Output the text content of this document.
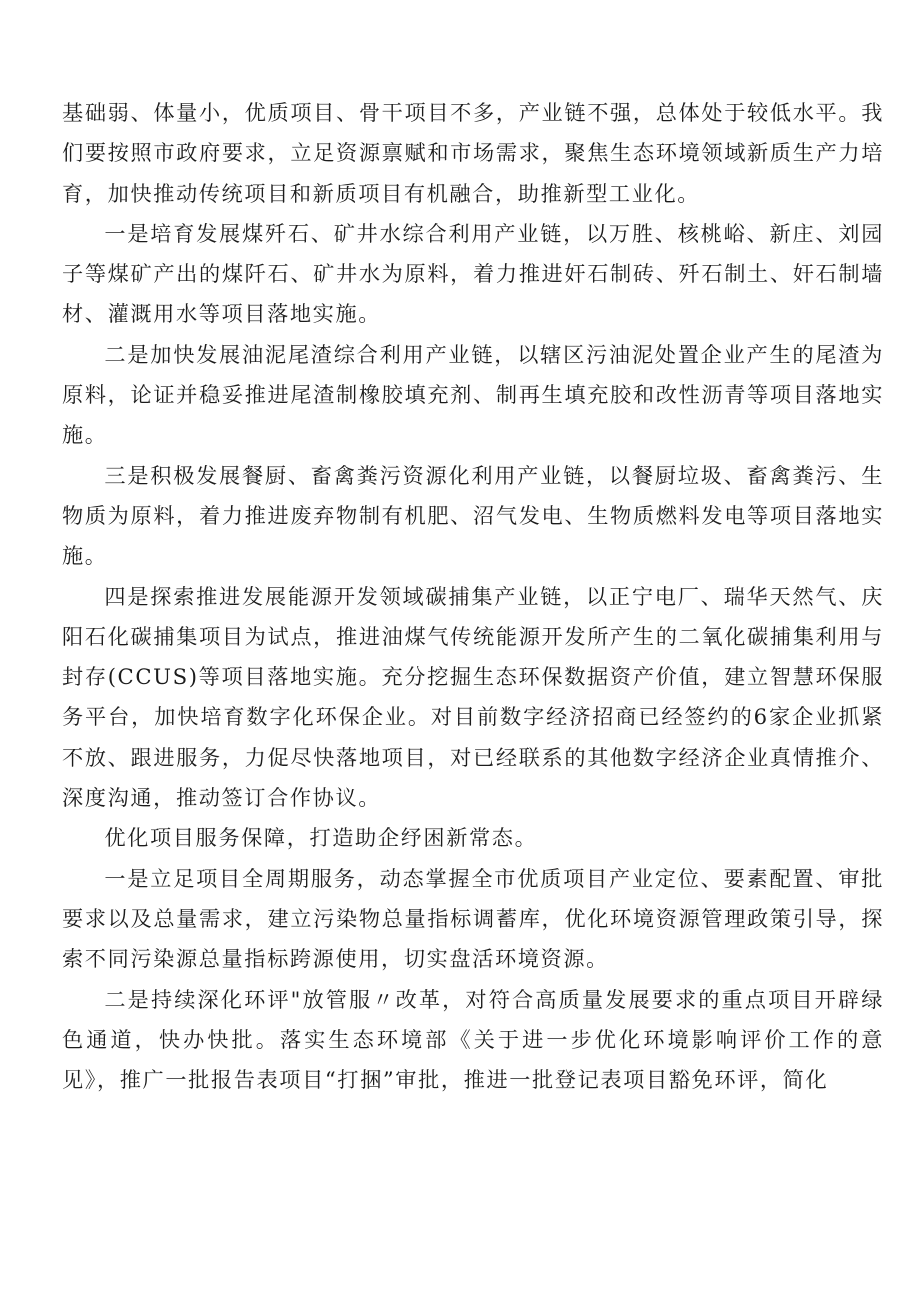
基础弱、体量小，优质项目、骨干项目不多，产业链不强，总体处于较低水平。我们要按照市政府要求，立足资源禀赋和市场需求，聚焦生态环境领域新质生产力培育，加快推动传统项目和新质项目有机融合，助推新型工业化。

一是培育发展煤歼石、矿井水综合利用产业链，以万胜、核桃峪、新庄、刘园子等煤矿产出的煤阡石、矿井水为原料，着力推进奸石制砖、歼石制土、奸石制墙材、灌溉用水等项目落地实施。

二是加快发展油泥尾渣综合利用产业链，以辖区污油泥处置企业产生的尾渣为原料，论证并稳妥推进尾渣制橡胶填充剂、制再生填充胶和改性沥青等项目落地实施。

三是积极发展餐厨、畜禽粪污资源化利用产业链，以餐厨垃圾、畜禽粪污、生物质为原料，着力推进废弃物制有机肥、沼气发电、生物质燃料发电等项目落地实施。

四是探索推进发展能源开发领域碳捕集产业链，以正宁电厂、瑞华天然气、庆阳石化碳捕集项目为试点，推进油煤气传统能源开发所产生的二氧化碳捕集利用与封存(CCUS)等项目落地实施。充分挖掘生态环保数据资产价值，建立智慧环保服务平台，加快培育数字化环保企业。对目前数字经济招商已经签约的6家企业抓紧不放、跟进服务，力促尽快落地项目，对已经联系的其他数字经济企业真情推介、深度沟通，推动签订合作协议。

优化项目服务保障，打造助企纾困新常态。

一是立足项目全周期服务，动态掌握全市优质项目产业定位、要素配置、审批要求以及总量需求，建立污染物总量指标调蓄库，优化环境资源管理政策引导，探索不同污染源总量指标跨源使用，切实盘活环境资源。

二是持续深化环评"放管服〃改革，对符合高质量发展要求的重点项目开辟绿色通道，快办快批。落实生态环境部《关于进一步优化环境影响评价工作的意见》，推广一批报告表项目“打捆”审批，推进一批登记表项目豁免环评，简化
